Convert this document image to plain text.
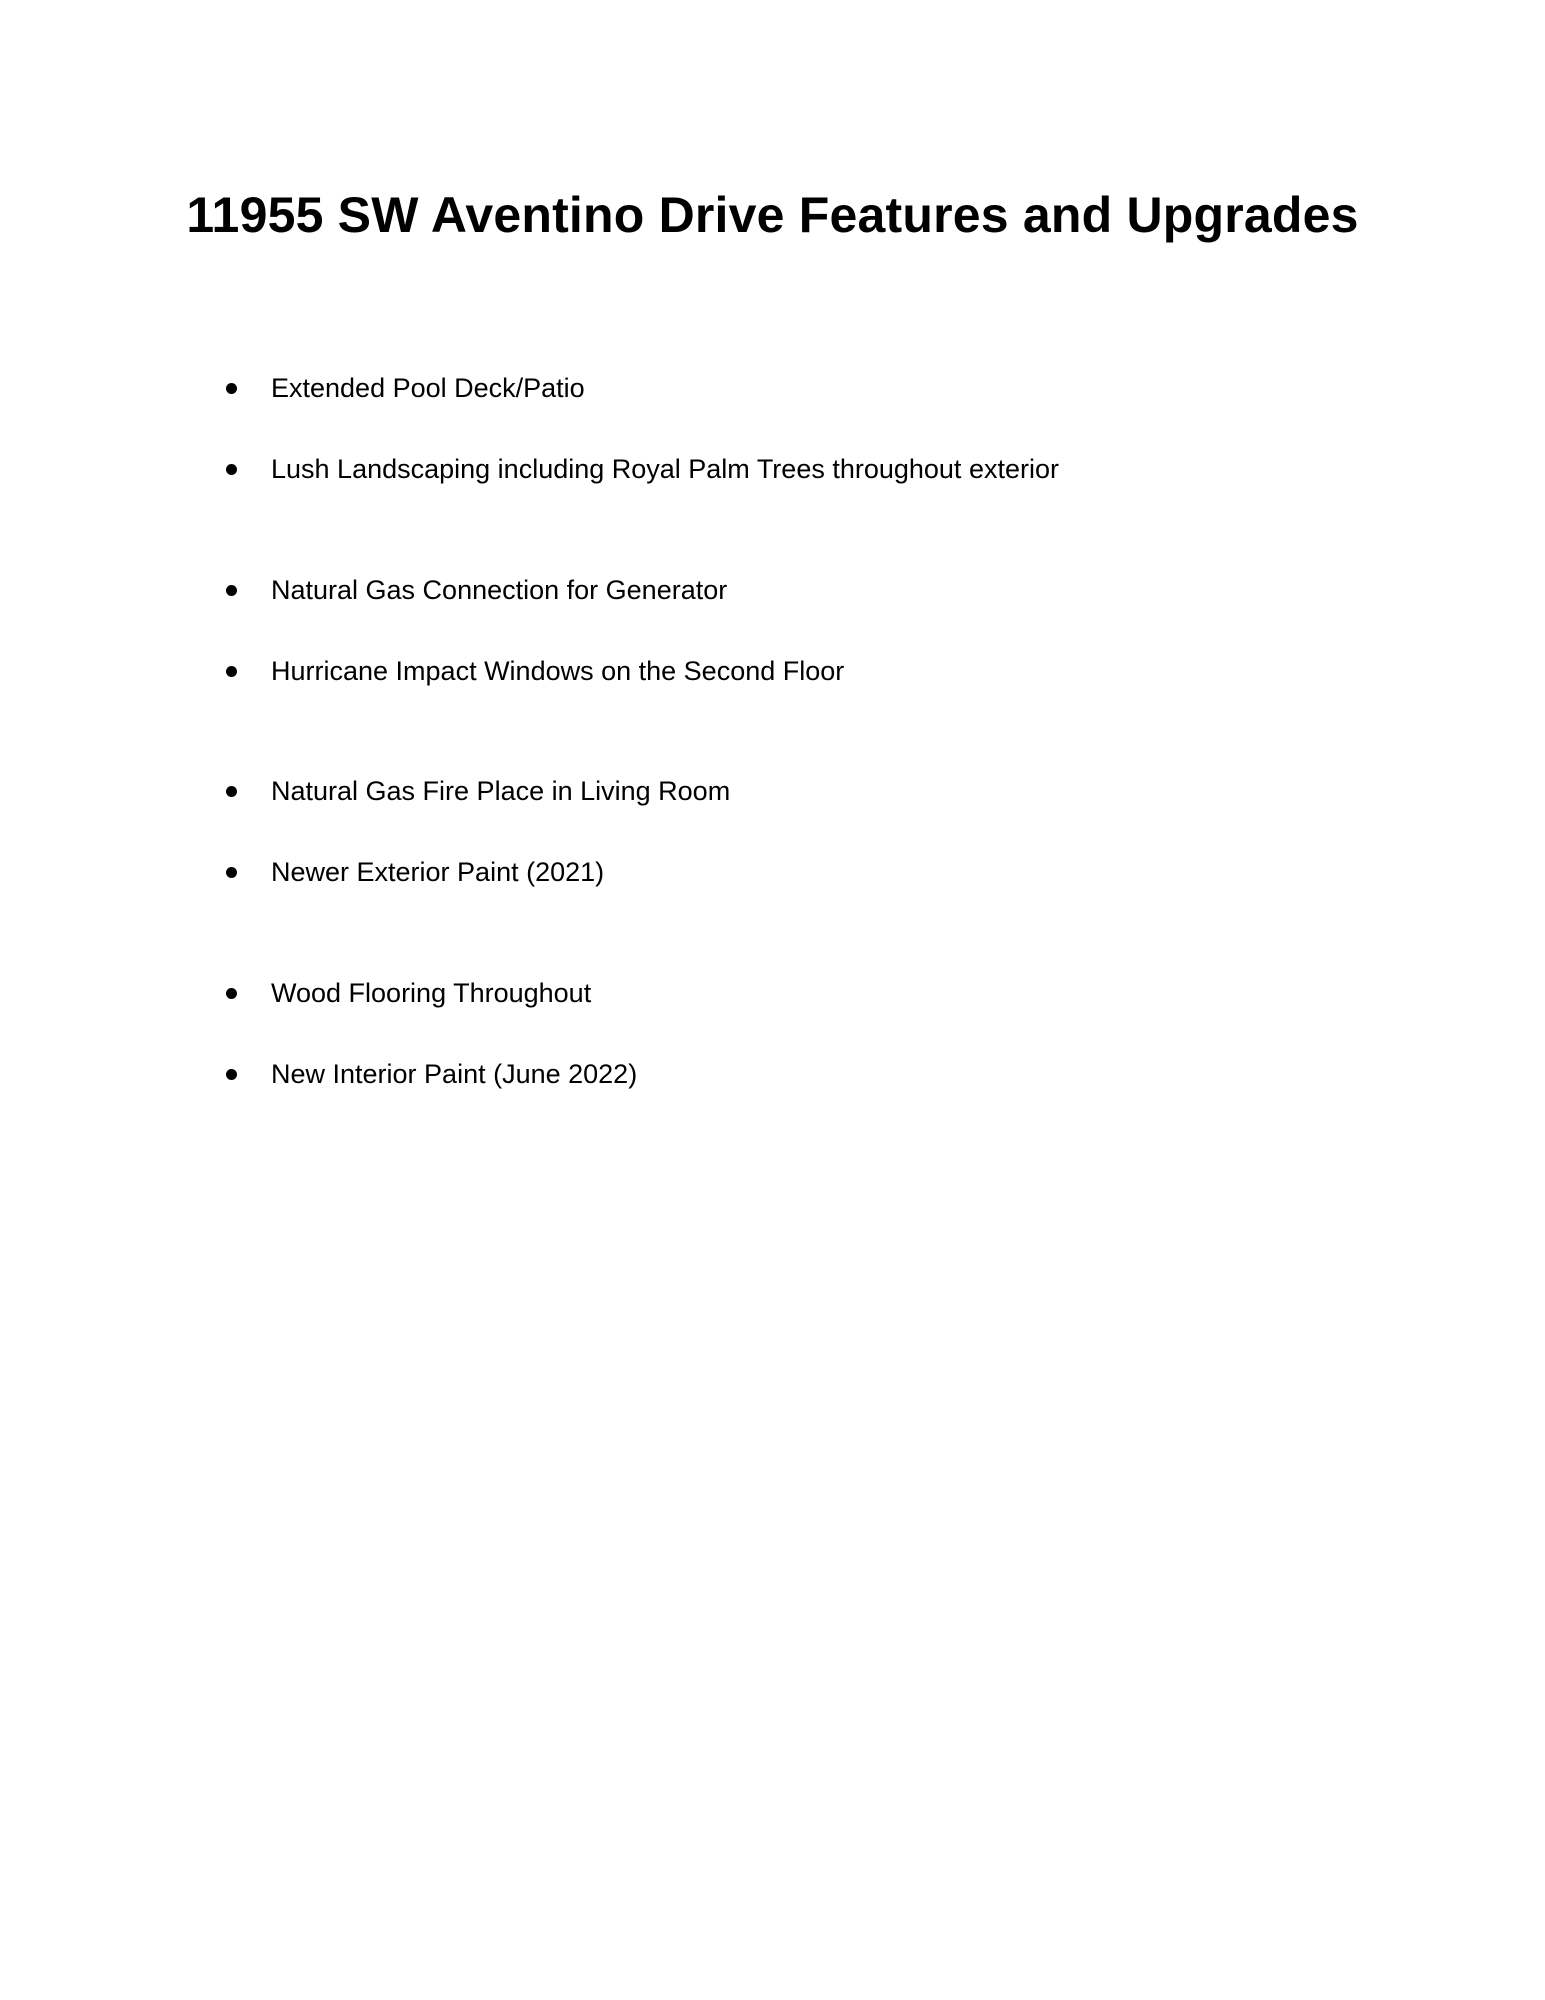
11955 SW Aventino Drive Features and Upgrades
Extended Pool Deck/Patio
Lush Landscaping including Royal Palm Trees throughout exterior
Natural Gas Connection for Generator
Hurricane Impact Windows on the Second Floor
Natural Gas Fire Place in Living Room
Newer Exterior Paint (2021)
Wood Flooring Throughout
New Interior Paint (June 2022)
